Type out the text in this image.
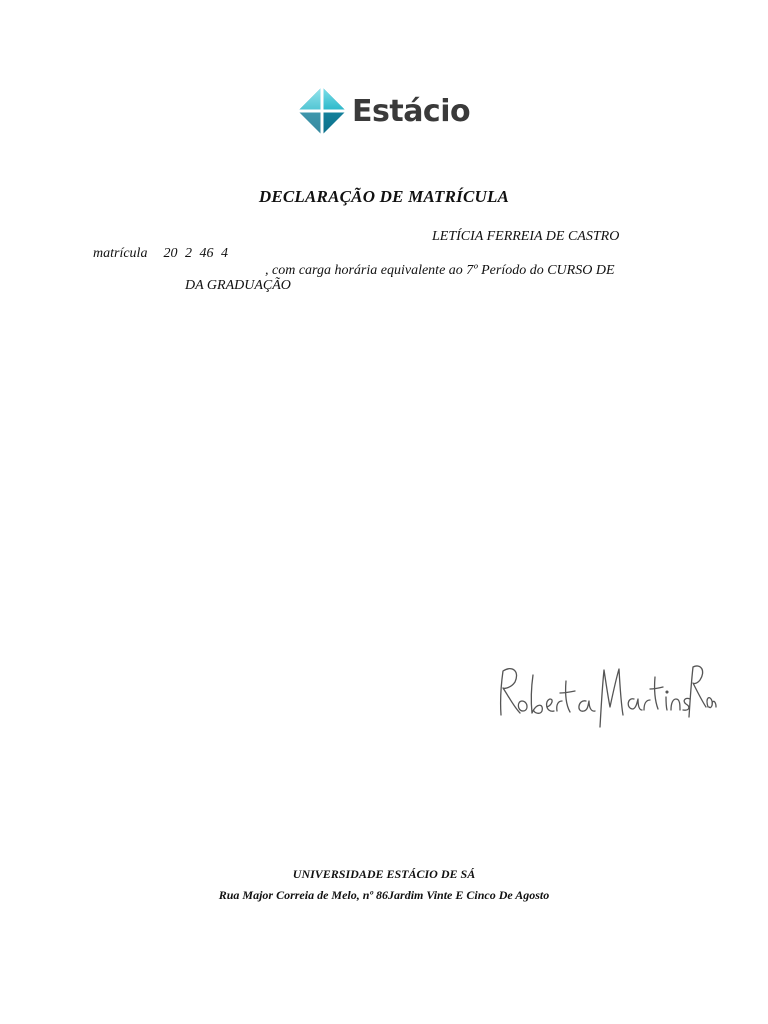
Estácio
DECLARAÇÃO DE MATRÍCULA
LETÍCIA FERREIA DE CASTRO
matrícula 20 2 46 4
, com carga horária equivalente ao 7º Período do CURSO DE
DA GRADUAÇÃO
UNIVERSIDADE ESTÁCIO DE SÁ
Rua Major Correia de Melo, nº 86Jardim Vinte E Cinco De Agosto
